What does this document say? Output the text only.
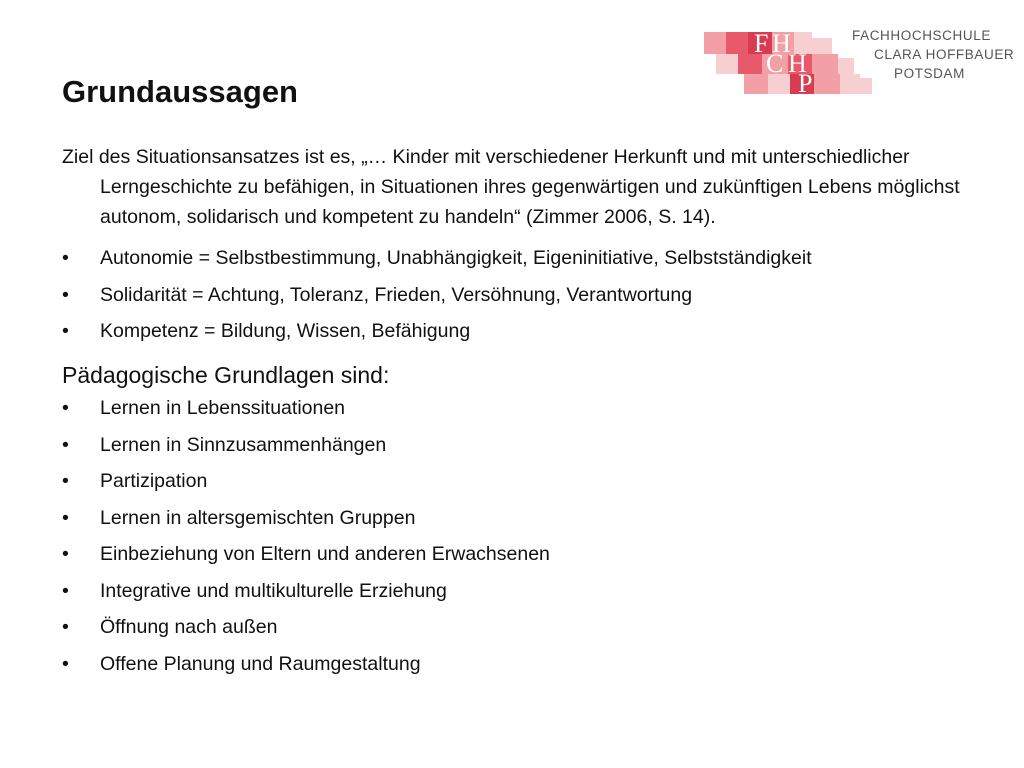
F H
C H
P
FACHHOCHSCHULE
CLARA HOFFBAUER
POTSDAM
Grundaussagen

Ziel des Situationsansatzes ist es, „… Kinder mit verschiedener Herkunft und mit unterschiedlicher Lerngeschichte zu befähigen, in Situationen ihres gegenwärtigen und zukünftigen Lebens möglichst autonom, solidarisch und kompetent zu handeln“ (Zimmer 2006, S. 14).

• Autonomie = Selbstbestimmung, Unabhängigkeit, Eigeninitiative, Selbstständigkeit
• Solidarität = Achtung, Toleranz, Frieden, Versöhnung, Verantwortung
• Kompetenz = Bildung, Wissen, Befähigung
Pädagogische Grundlagen sind:
• Lernen in Lebenssituationen
• Lernen in Sinnzusammenhängen
• Partizipation
• Lernen in altersgemischten Gruppen
• Einbeziehung von Eltern und anderen Erwachsenen
• Integrative und multikulturelle Erziehung
• Öffnung nach außen
• Offene Planung und Raumgestaltung
